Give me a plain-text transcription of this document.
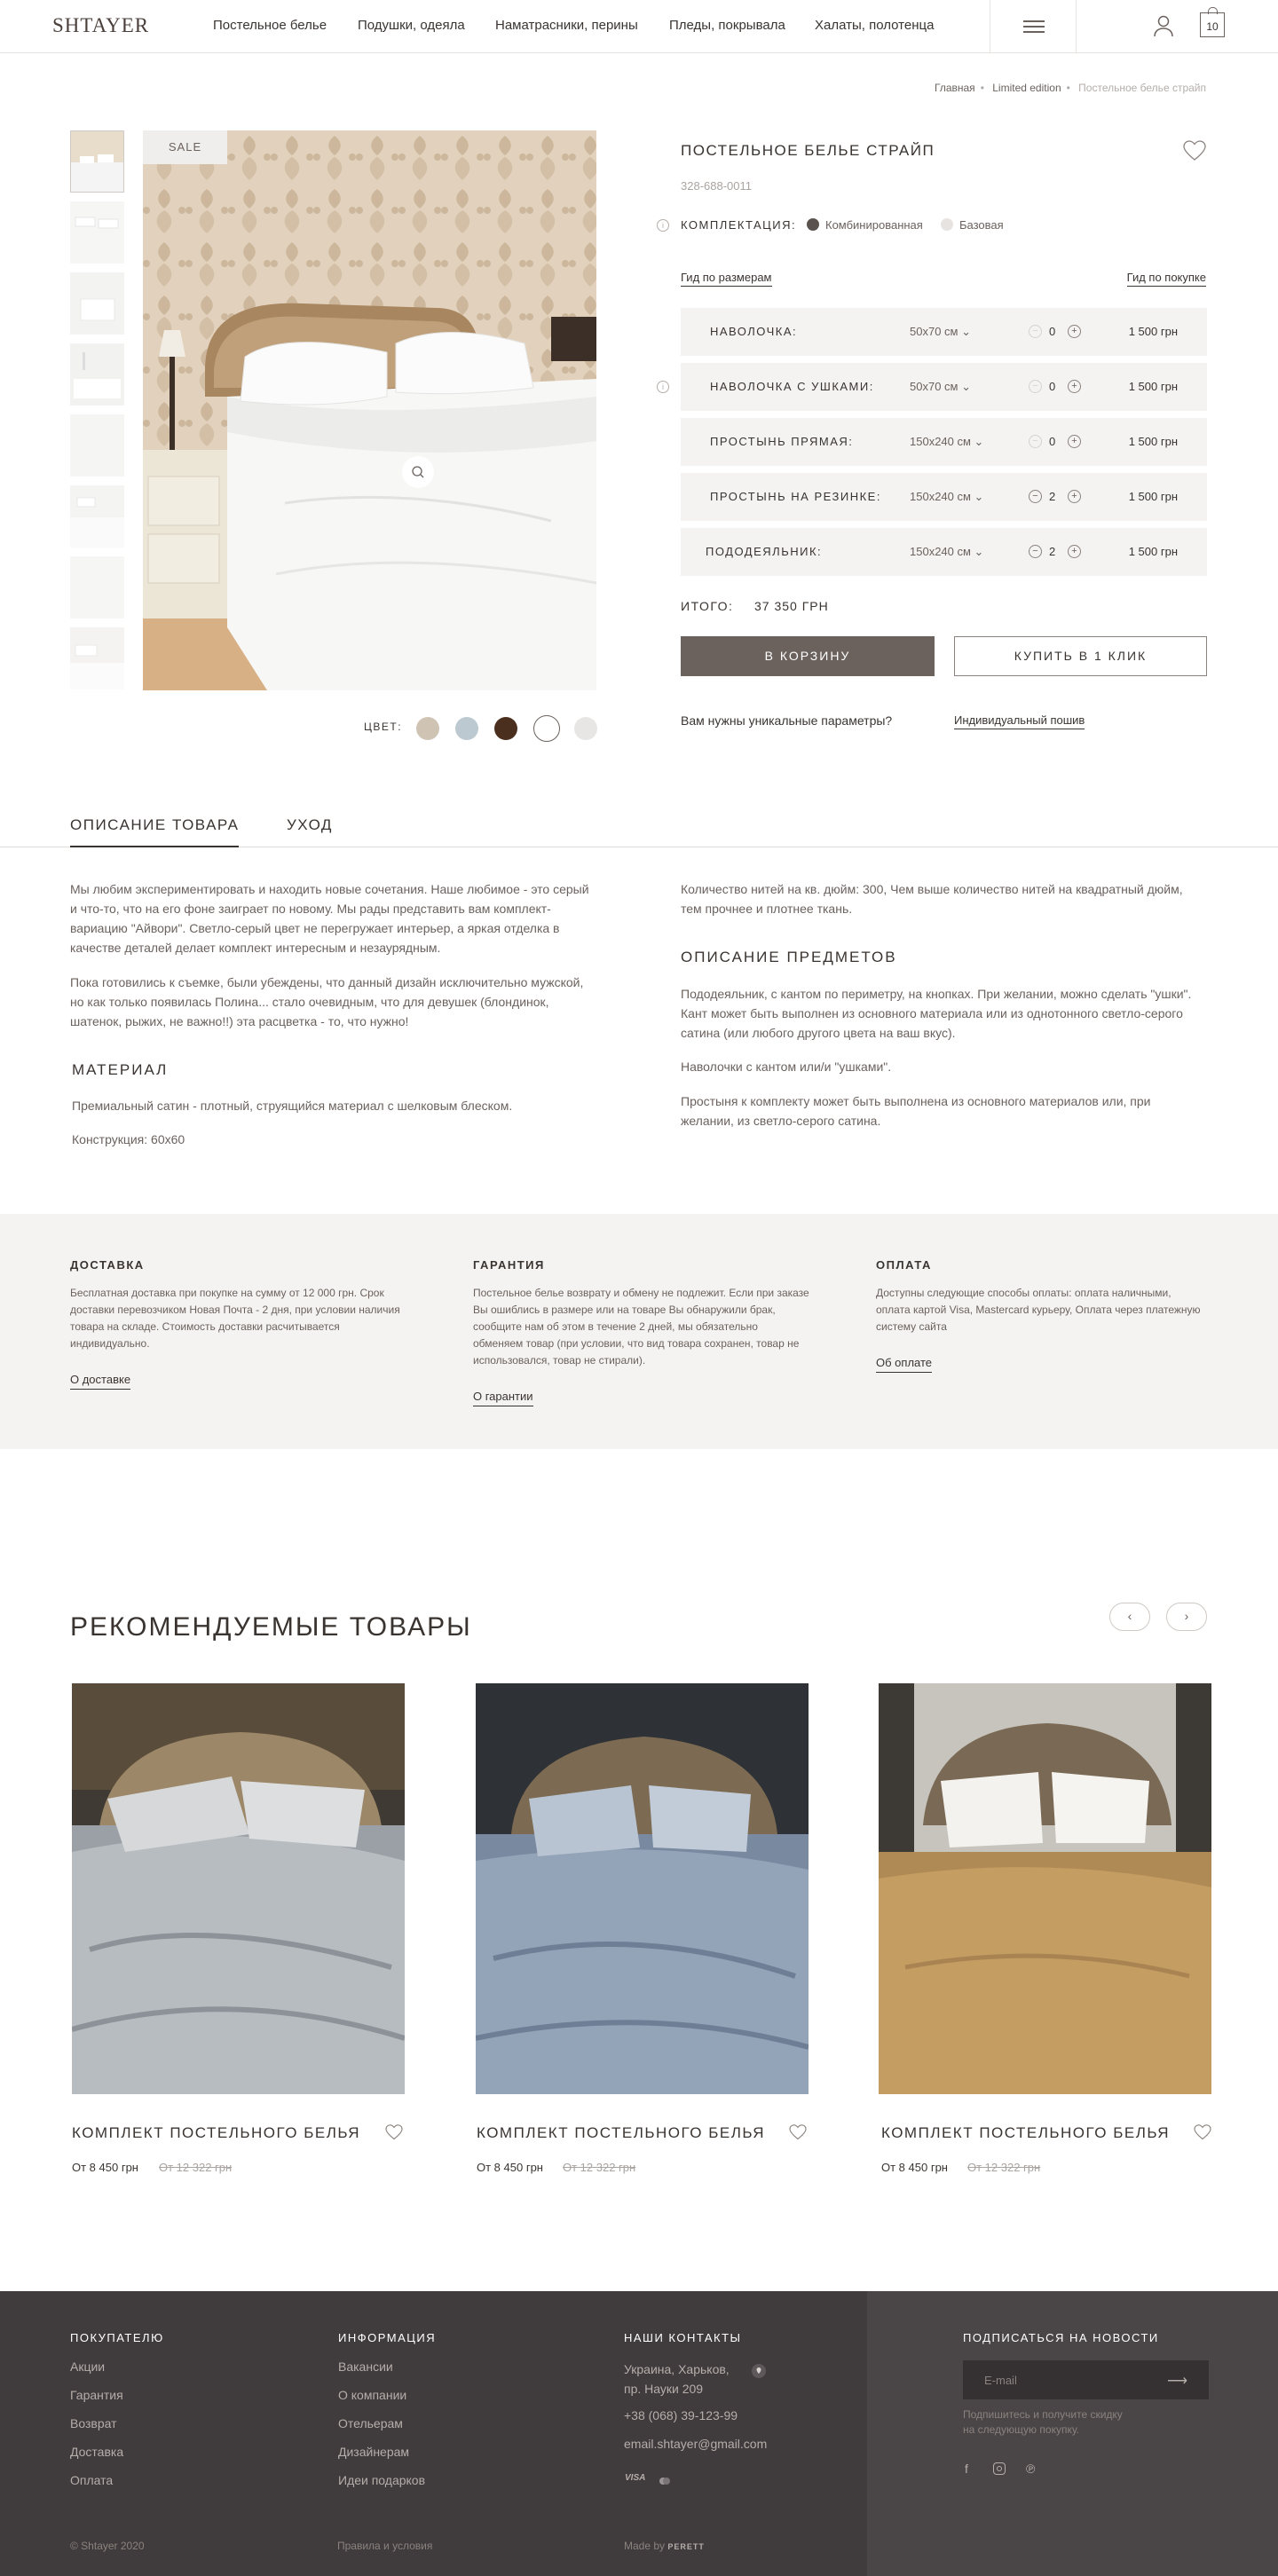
SHTAYER	Постельное белье Подушки, одеяла Наматрасники, перины Пледы, покрывала Халаты, полотенца	10
Главная • Limited edition • Постельное белье страйп
SALE
ЦВЕТ:
ПОСТЕЛЬНОЕ БЕЛЬЕ СТРАЙП
328-688-0011
i	КОМПЛЕКТАЦИЯ:	Комбинированная	Базовая
Гид по размерам	Гид по покупке
i
НАВОЛОЧКА:	50x70 см ⌄	− 0	+	1 500 грн
НАВОЛОЧКА С УШКАМИ:	50x70 см ⌄	− 0	+	1 500 грн
ПРОСТЫНЬ ПРЯМАЯ:	150x240 см ⌄	− 0	+	1 500 грн
ПРОСТЫНЬ НА РЕЗИНКЕ: 150x240 см ⌄	− 2	+	1 500 грн
ПОДОДЕЯЛЬНИК:	150x240 см ⌄	− 2	+	1 500 грн
ИТОГО: 37 350 ГРН
В КОРЗИНУ	КУПИТЬ В 1 КЛИК
Вам нужны уникальные параметры?	Индивидуальный пошив
ОПИСАНИЕ ТОВАРА	УХОД
Мы любим экспериментировать и находить новые сочетания. Наше любимое - это серый и что-то, что на его фоне заиграет по новому. Мы рады представить вам комплект-вариацию "Айвори". Светло-серый цвет не перегружает интерьер, а яркая отделка в качестве деталей делает комплект интересным и незаурядным.
Пока готовились к съемке, были убеждены, что данный дизайн исключительно мужской, но как только появилась Полина... стало очевидным, что для девушек (блондинок, шатенок, рыжих, не важно!!) эта расцветка - то, что нужно!
МАТЕРИАЛ
Премиальный сатин - плотный, струящийся материал с шелковым блеском.
Конструкция: 60x60
Количество нитей на кв. дюйм: 300, Чем выше количество нитей на квадратный дюйм, тем прочнее и плотнее ткань.
ОПИСАНИЕ ПРЕДМЕТОВ
Пододеяльник, с кантом по периметру, на кнопках. При желании, можно сделать "ушки". Кант может быть выполнен из основного материала или из однотонного светло-серого сатина (или любого другого цвета на ваш вкус).
Наволочки с кантом или/и "ушками".
Простыня к комплекту может быть выполнена из основного материалов или, при желании, из светло-серого сатина.
ДОСТАВКА
Бесплатная доставка при покупке на сумму от 12 000 грн. Срок доставки перевозчиком Новая Почта - 2 дня, при условии наличия товара на складе. Стоимость доставки расчитывается индивидуально.
О доставке
ГАРАНТИЯ
Постельное белье возврату и обмену не подлежит. Если при заказе Вы ошиблись в размере или на товаре Вы обнаружили брак, сообщите нам об этом в течение 2 дней, мы обязательно обменяем товар (при условии, что вид товара сохранен, товар не использовался, товар не стирали).
О гарантии
ОПЛАТА
Доступны следующие способы оплаты: оплата наличными, оплата картой Visa, Mastercard курьеру, Оплата через платежную систему сайта
Об оплате
РЕКОМЕНДУЕМЫЕ ТОВАРЫ	‹	›
КОМПЛЕКТ ПОСТЕЛЬНОГО БЕЛЬЯ
От 8 450 грн От 12 322 грн
КОМПЛЕКТ ПОСТЕЛЬНОГО БЕЛЬЯ
От 8 450 грн От 12 322 грн
КОМПЛЕКТ ПОСТЕЛЬНОГО БЕЛЬЯ
От 8 450 грн От 12 322 грн
ПОКУПАТЕЛЮ
Акции
Гарантия
Возврат
Доставка
Оплата
ИНФОРМАЦИЯ
Вакансии
О компании
Отельерам
Дизайнерам
Идеи подарков
НАШИ КОНТАКТЫ
Украина, Харьков,
пр. Науки 209
+38 (068) 39-123-99
email.shtayer@gmail.com
VISA
ПОДПИСАТЬСЯ НА НОВОСТИ
E-mail
⟶
Подпишитесь и получите скидку
на следующую покупку.
f	℗
© Shtayer 2020	Правила и условия	Made by PERETT
